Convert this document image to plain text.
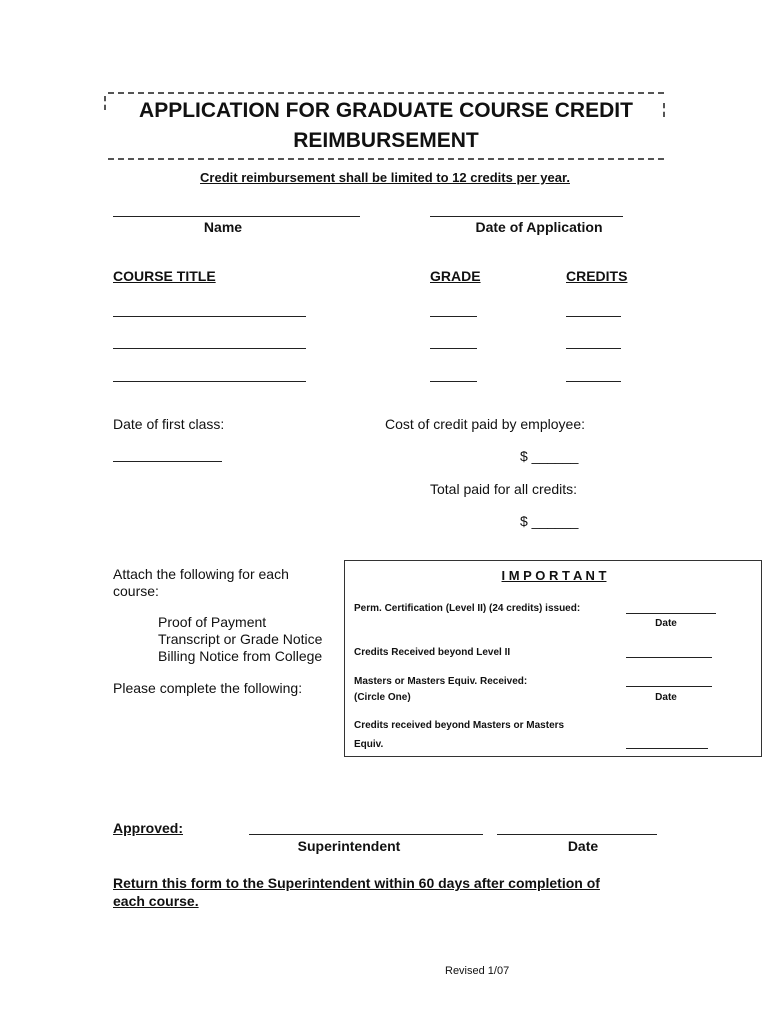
APPLICATION FOR GRADUATE COURSE CREDIT
REIMBURSEMENT
Credit reimbursement shall be limited to 12 credits per year.
Name	Date of Application
COURSE TITLE	GRADE	CREDITS
Date of first class:	Cost of credit paid by employee:
$ ______
Total paid for all credits:
$ ______
Attach the following for each
course:
Proof of Payment
Transcript or Grade Notice
Billing Notice from College
Please complete the following:
I M P O R T A N T
Perm. Certification (Level II) (24 credits) issued:
Date
Credits Received beyond Level II
Masters or Masters Equiv. Received:
(Circle One)	Date
Credits received beyond Masters or Masters
Equiv.
Approved:
Superintendent	Date
Return this form to the Superintendent within 60 days after completion of
each course.
Revised 1/07
